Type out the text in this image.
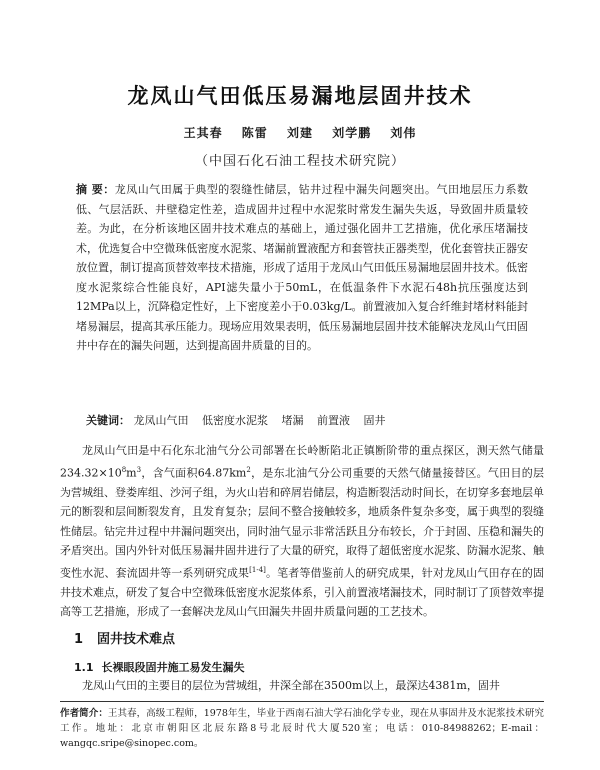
龙凤山气田低压易漏地层固井技术
王其春 陈雷 刘建 刘学鹏 刘伟
（中国石化石油工程技术研究院）
摘 要：龙凤山气田属于典型的裂缝性储层，钻井过程中漏失问题突出。气田地层压力系数低、气层活跃、井壁稳定性差，造成固井过程中水泥浆时常发生漏失失返，导致固井质量较差。为此，在分析该地区固井技术难点的基础上，通过强化固井工艺措施，优化承压堵漏技术，优选复合中空微珠低密度水泥浆、堵漏前置液配方和套管扶正器类型，优化套管扶正器安放位置，制订提高顶替效率技术措施，形成了适用于龙凤山气田低压易漏地层固井技术。低密度水泥浆综合性能良好，API滤失量小于50mL，在低温条件下水泥石48h抗压强度达到12MPa以上，沉降稳定性好，上下密度差小于0.03kg/L。前置液加入复合纤维封堵材料能封堵易漏层，提高其承压能力。现场应用效果表明，低压易漏地层固井技术能解决龙凤山气田固井中存在的漏失问题，达到提高固井质量的目的。
关键词： 龙凤山气田 低密度水泥浆 堵漏 前置液 固井
龙凤山气田是中石化东北油气分公司部署在长岭断陷北正镇断阶带的重点探区，测天然气储量$234.32\times 10^8m^3$，含气面积$64.87km^2$，是东北油气分公司重要的天然气储量接替区。气田目的层为营城组、登娄库组、沙河子组，为火山岩和碎屑岩储层，构造断裂活动时间长，在切穿多套地层单元的断裂和层间断裂发育，且发育复杂；层间不整合接触较多，地质条件复杂多变，属于典型的裂缝性储层。钻完井过程中井漏问题突出，同时油气显示非常活跃且分布较长，介于封固、压稳和漏失的矛盾突出。国内外针对低压易漏井固井进行了大量的研究，取得了超低密度水泥浆、防漏水泥浆、触变性水泥、套流固井等一系列研究成果[1-4]。笔者等借鉴前人的研究成果，针对龙凤山气田存在的固井技术难点，研发了复合中空微珠低密度水泥浆体系，引入前置液堵漏技术，同时制订了顶替效率提高等工艺措施，形成了一套解决龙凤山气田漏失井固井质量问题的工艺技术。
1 固井技术难点
1.1 长裸眼段固井施工易发生漏失
龙凤山气田的主要目的层位为营城组，井深全部在3500m以上，最深达4381m，固井
作者简介：王其春，高级工程师，1978年生，毕业于西南石油大学石油化学专业，现在从事固井及水泥浆技术研究工作。地址：北京市朝阳区北辰东路8号北辰时代大厦520室；电话：010-84988262；E-mail：wangqc.sripe@sinopec.com。
